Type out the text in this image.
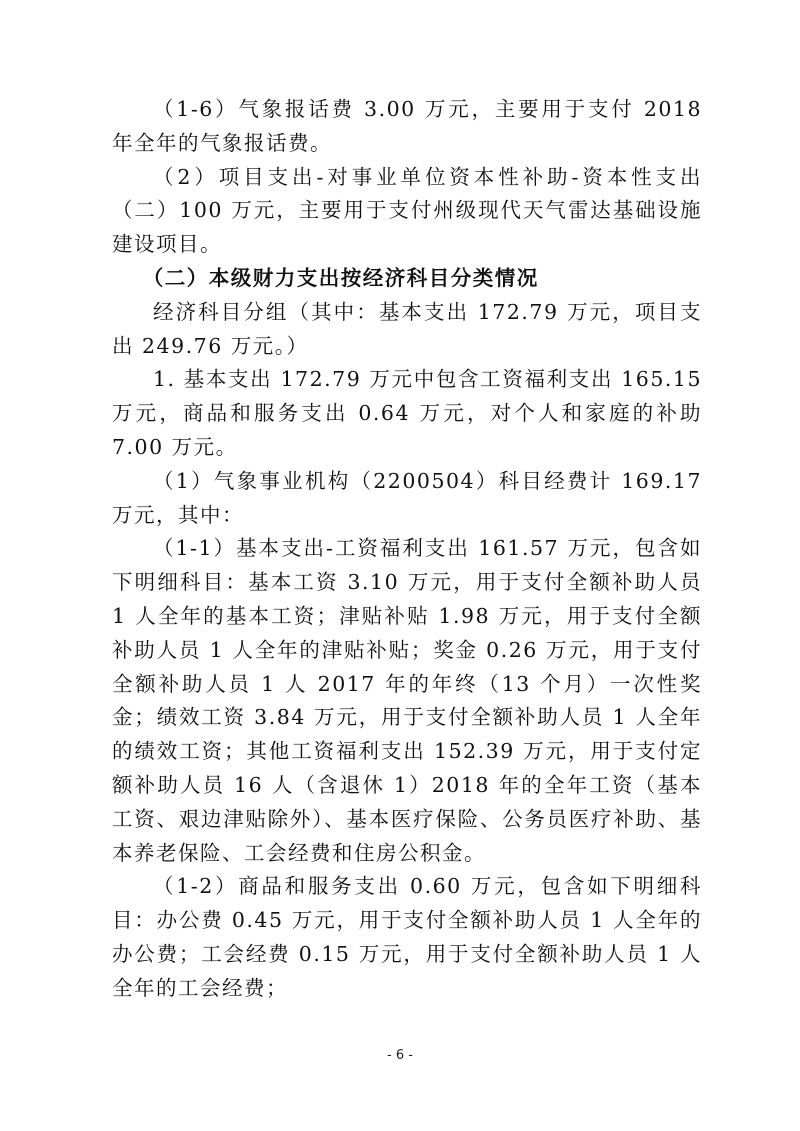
（1-6）气象报话费 3.00 万元，主要用于支付 2018 年全年的气象报话费。

（2）项目支出-对事业单位资本性补助-资本性支出（二）100 万元，主要用于支付州级现代天气雷达基础设施建设项目。

（二）本级财力支出按经济科目分类情况

经济科目分组（其中：基本支出 172.79 万元，项目支出 249.76 万元。）

1. 基本支出 172.79 万元中包含工资福利支出 165.15 万元，商品和服务支出 0.64 万元，对个人和家庭的补助 7.00 万元。

（1）气象事业机构（2200504）科目经费计 169.17 万元，其中：

（1-1）基本支出-工资福利支出 161.57 万元，包含如下明细科目：基本工资 3.10 万元，用于支付全额补助人员 1 人全年的基本工资；津贴补贴 1.98 万元，用于支付全额补助人员 1 人全年的津贴补贴；奖金 0.26 万元，用于支付全额补助人员 1 人 2017 年的年终（13 个月）一次性奖金；绩效工资 3.84 万元，用于支付全额补助人员 1 人全年的绩效工资；其他工资福利支出 152.39 万元，用于支付定额补助人员 16 人（含退休 1）2018 年的全年工资（基本工资、艰边津贴除外）、基本医疗保险、公务员医疗补助、基本养老保险、工会经费和住房公积金。

（1-2）商品和服务支出 0.60 万元，包含如下明细科目：办公费 0.45 万元，用于支付全额补助人员 1 人全年的办公费；工会经费 0.15 万元，用于支付全额补助人员 1 人全年的工会经费；

- 6 -
